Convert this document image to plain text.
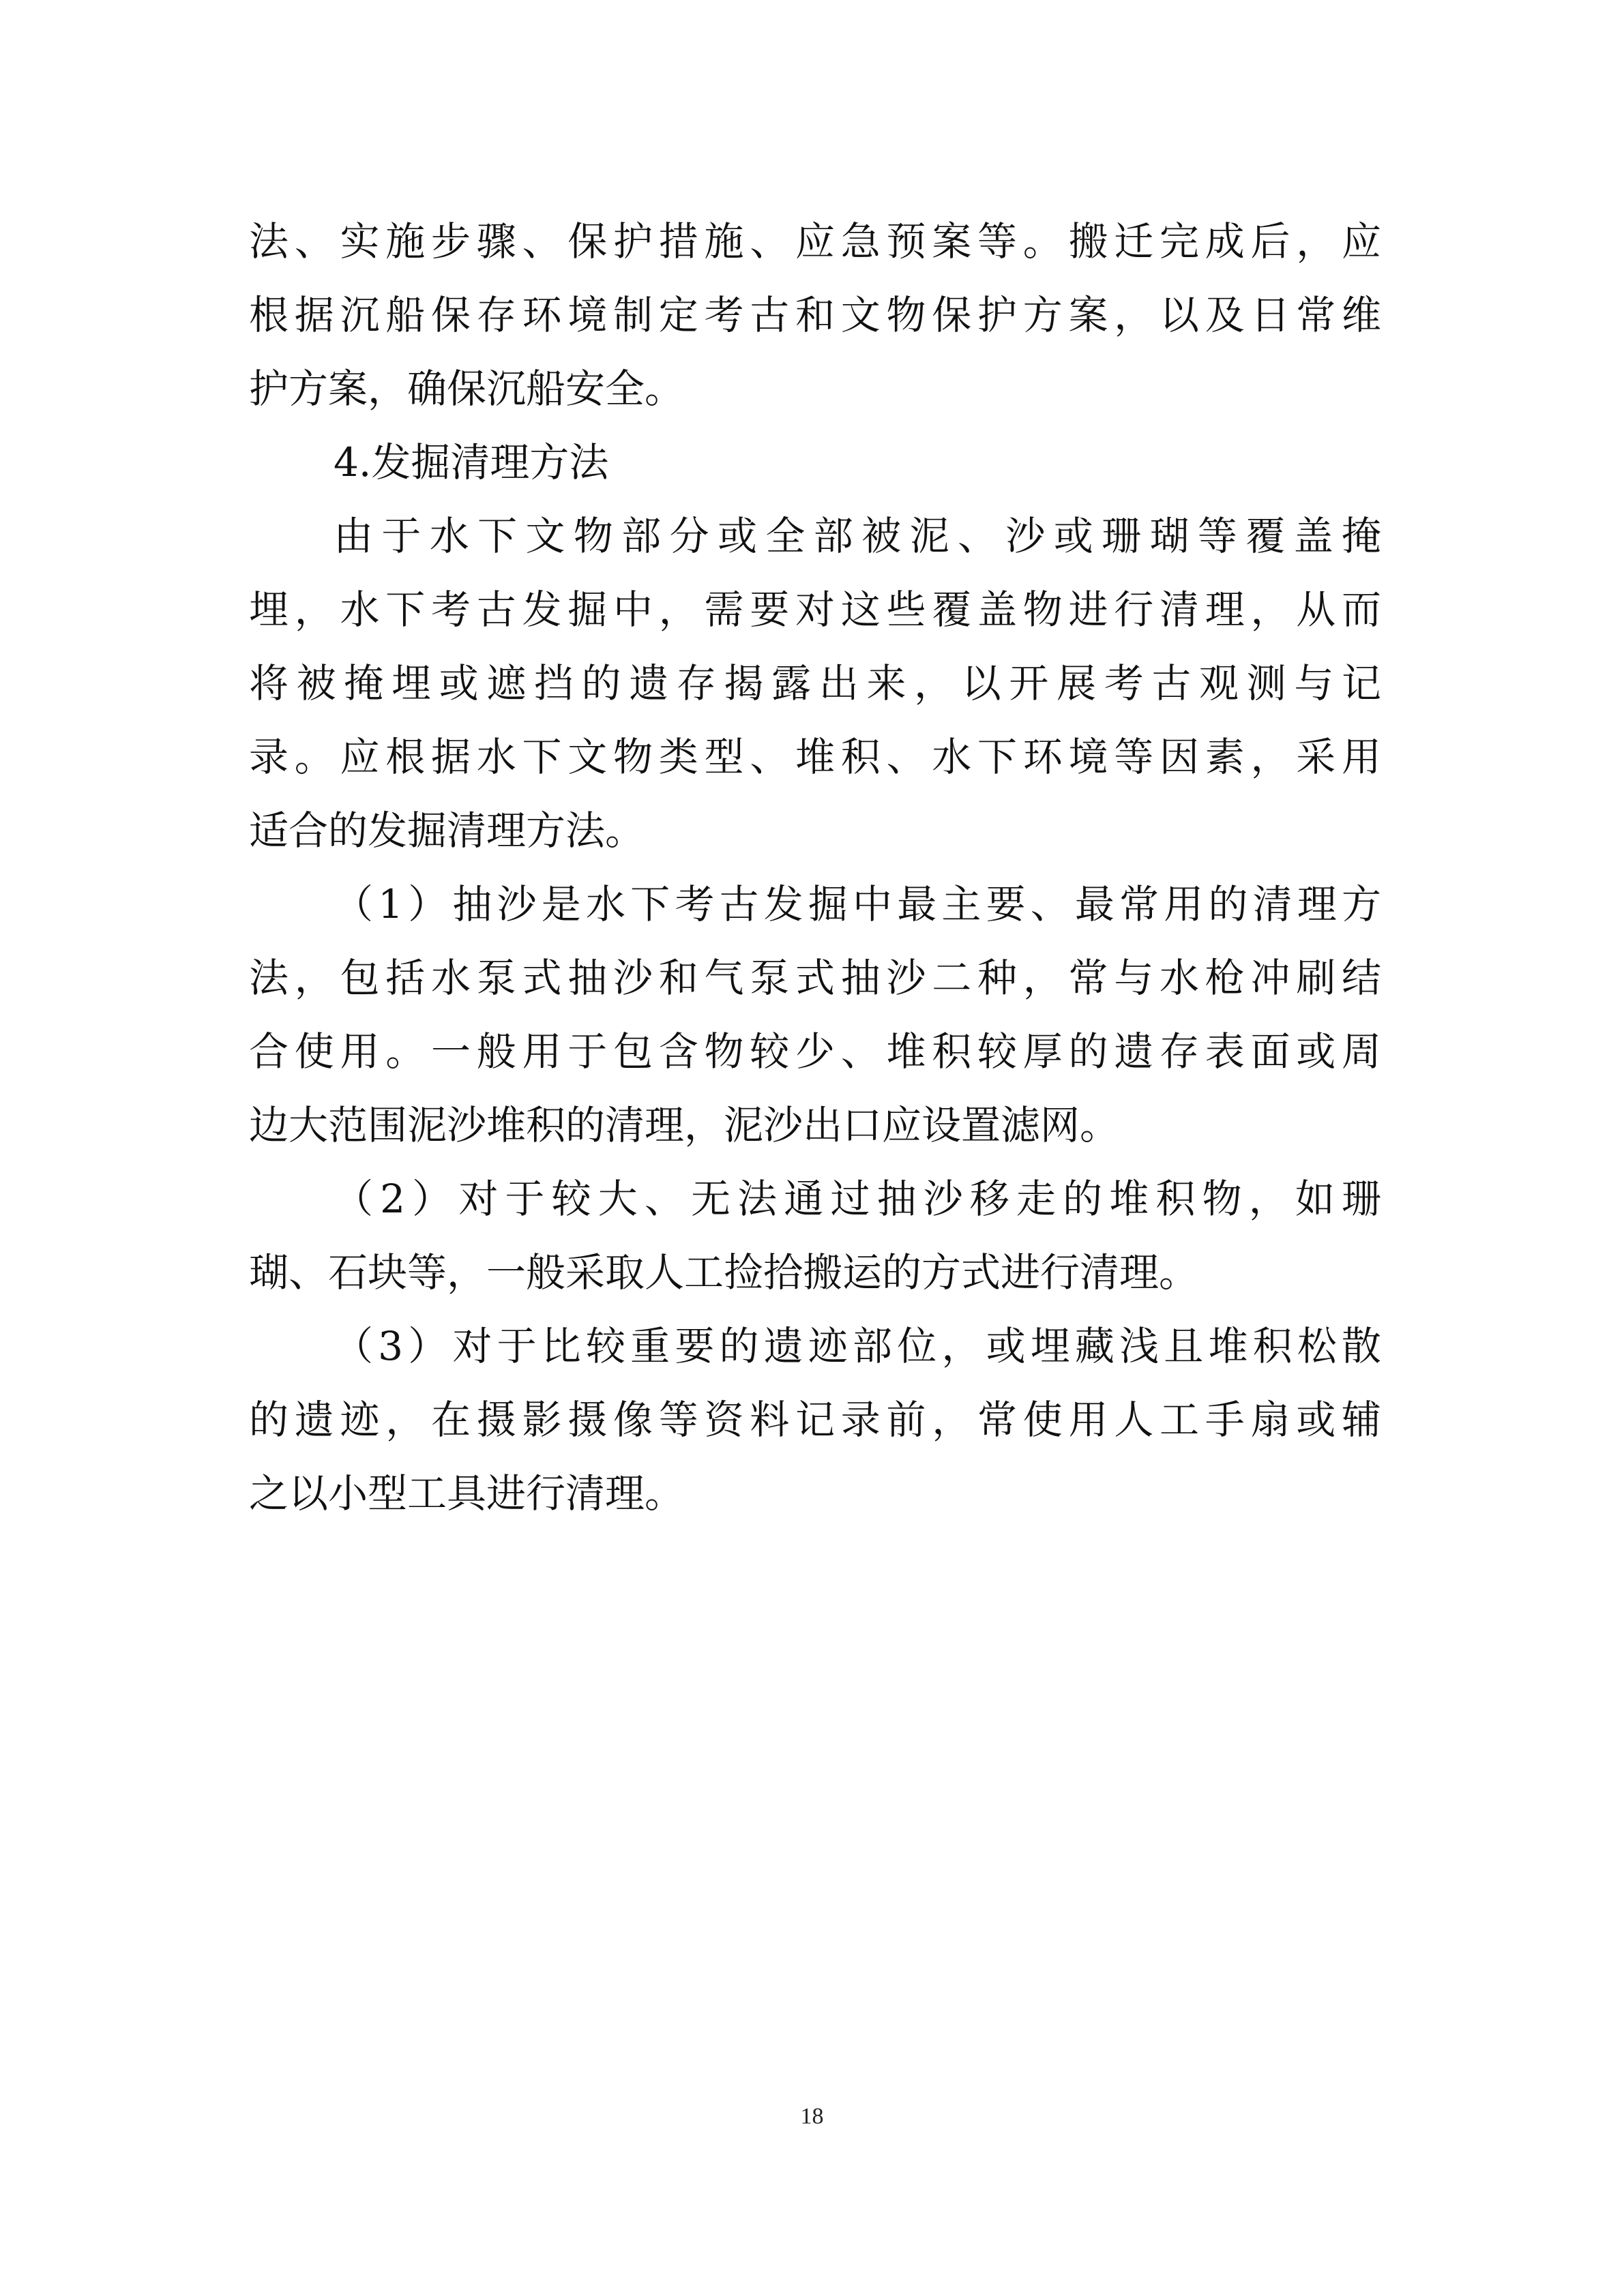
法、实施步骤、保护措施、应急预案等。搬迁完成后，应
根据沉船保存环境制定考古和文物保护方案，以及日常维
护方案，确保沉船安全。
4.发掘清理方法
由于水下文物部分或全部被泥、沙或珊瑚等覆盖掩
埋，水下考古发掘中，需要对这些覆盖物进行清理，从而
将被掩埋或遮挡的遗存揭露出来，以开展考古观测与记
录。应根据水下文物类型、堆积、水下环境等因素，采用
适合的发掘清理方法。
（1）抽沙是水下考古发掘中最主要、最常用的清理方
法，包括水泵式抽沙和气泵式抽沙二种，常与水枪冲刷结
合使用。一般用于包含物较少、堆积较厚的遗存表面或周
边大范围泥沙堆积的清理，泥沙出口应设置滤网。
（2）对于较大、无法通过抽沙移走的堆积物，如珊
瑚、石块等，一般采取人工捡拾搬运的方式进行清理。
（3）对于比较重要的遗迹部位，或埋藏浅且堆积松散
的遗迹，在摄影摄像等资料记录前，常使用人工手扇或辅
之以小型工具进行清理。
18
